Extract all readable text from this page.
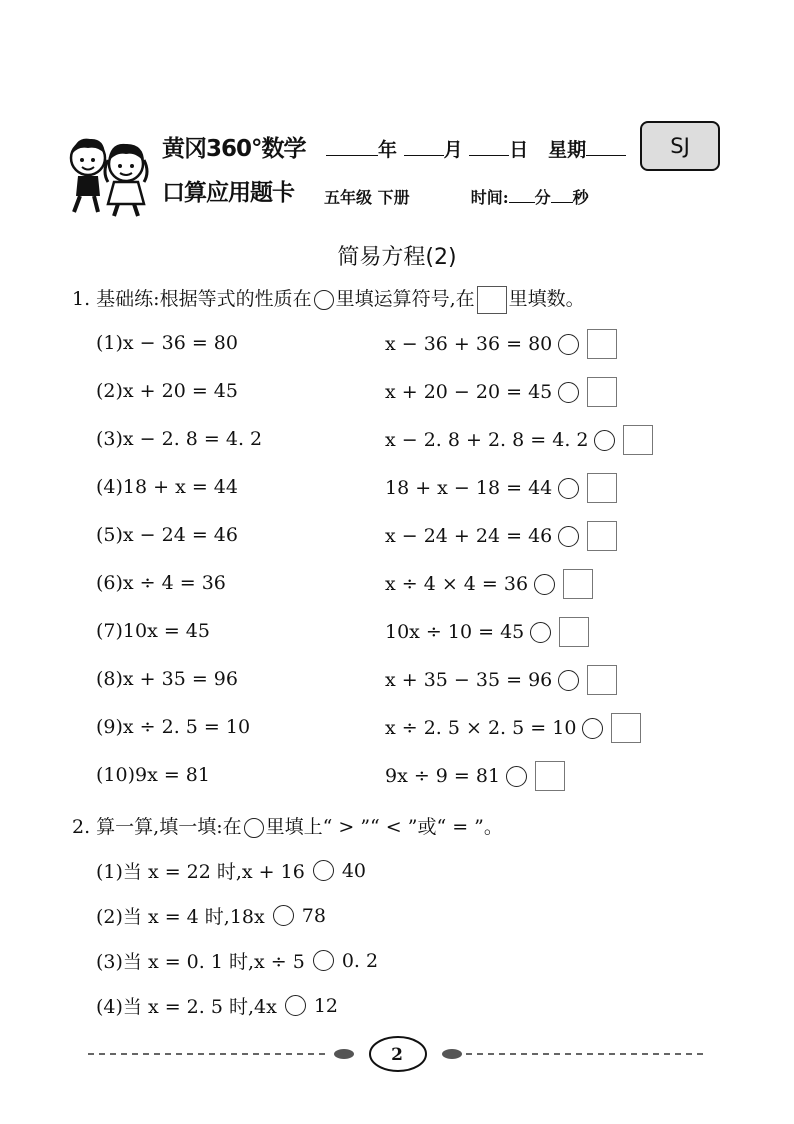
黄冈360°数学
口算应用题卡
年 月 日 星期	SJ
五年级 下册	时间: 分 秒
简易方程(2)
1. 基础练:根据等式的性质在 里填运算符号,在 里填数。
(1)x − 36 = 80	x − 36 + 36 = 80
(2)x + 20 = 45	x + 20 − 20 = 45
(3)x − 2. 8 = 4. 2	x − 2. 8 + 2. 8 = 4. 2
(4)18 + x = 44	18 + x − 18 = 44
(5)x − 24 = 46	x − 24 + 24 = 46
(6)x ÷ 4 = 36	x ÷ 4 × 4 = 36
(7)10x = 45	10x ÷ 10 = 45
(8)x + 35 = 96	x + 35 − 35 = 96
(9)x ÷ 2. 5 = 10	x ÷ 2. 5 × 2. 5 = 10
(10)9x = 81	9x ÷ 9 = 81
2. 算一算,填一填:在 里填上“ > ”“ < ”或“ = ”。
(1)当 x = 22 时,x + 16 40
(2)当 x = 4 时,18x 78
(3)当 x = 0. 1 时,x ÷ 5 0. 2
(4)当 x = 2. 5 时,4x 12
2
